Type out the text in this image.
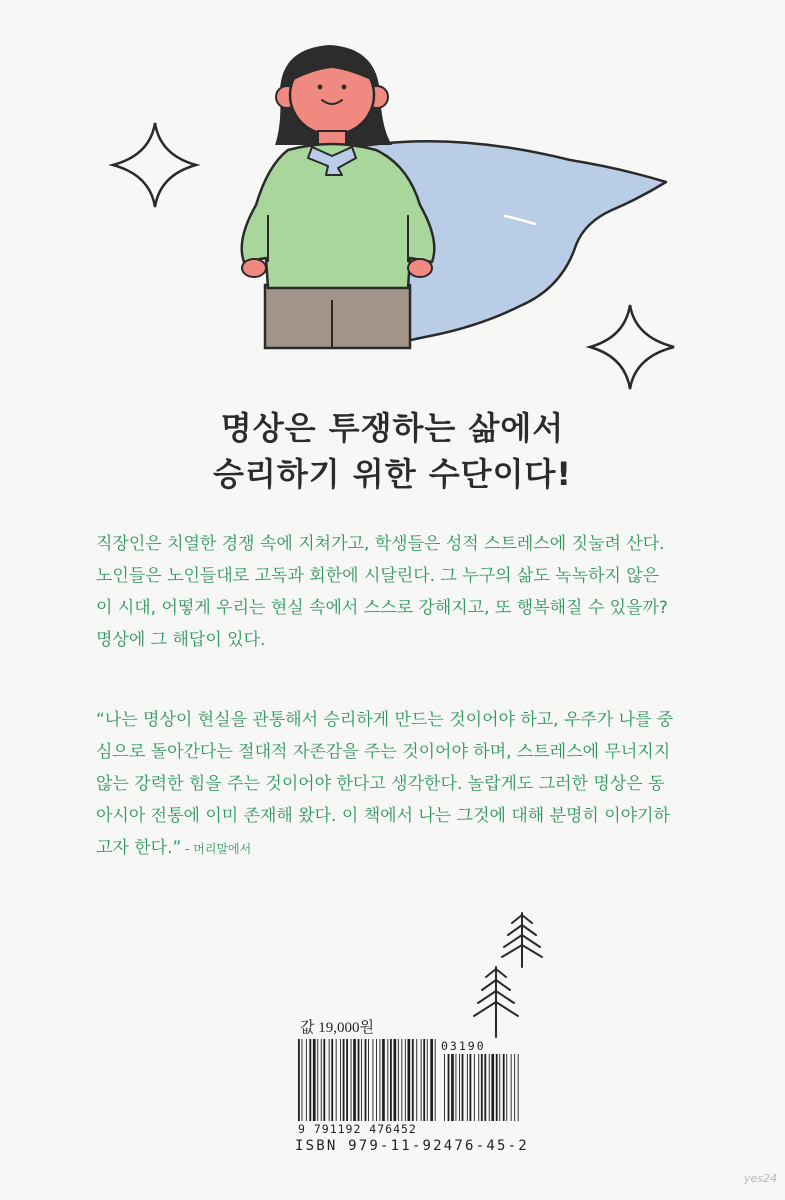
명상은 투쟁하는 삶에서
승리하기 위한 수단이다!
직장인은 치열한 경쟁 속에 지쳐가고, 학생들은 성적 스트레스에 짓눌려 산다.
노인들은 노인들대로 고독과 회한에 시달린다. 그 누구의 삶도 녹녹하지 않은
이 시대, 어떻게 우리는 현실 속에서 스스로 강해지고, 또 행복해질 수 있을까?
명상에 그 해답이 있다.
“나는 명상이 현실을 관통해서 승리하게 만드는 것이어야 하고, 우주가 나를 중
심으로 돌아간다는 절대적 자존감을 주는 것이어야 하며, 스트레스에 무너지지
않는 강력한 힘을 주는 것이어야 한다고 생각한다. 놀랍게도 그러한 명상은 동
아시아 전통에 이미 존재해 왔다. 이 책에서 나는 그것에 대해 분명히 이야기하
고자 한다.” - 머리말에서
값 19,000원
9 791192 476452
03190
ISBN 979-11-92476-45-2
yes24
